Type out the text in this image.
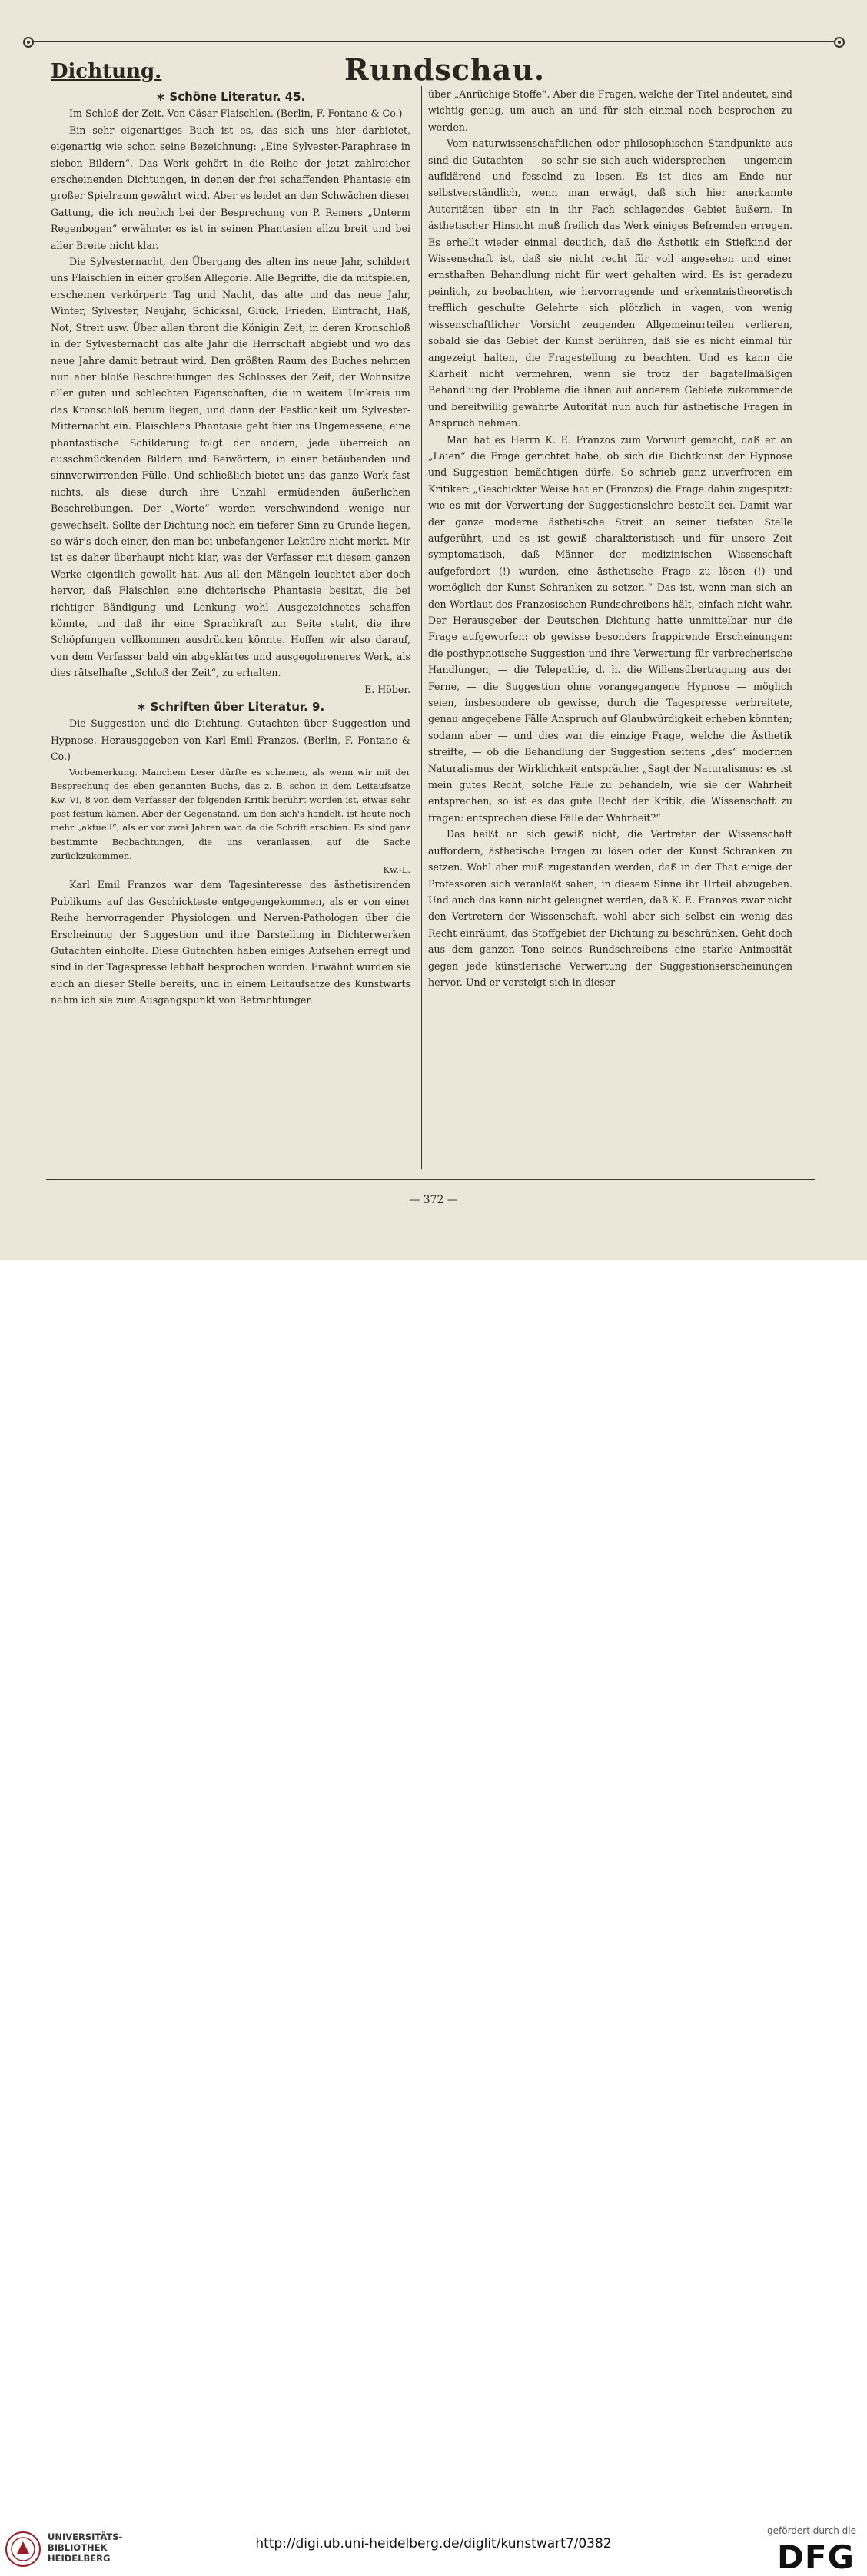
Dichtung.	Rundschau.
∗ Schöne Literatur. 45.

Im Schloß der Zeit. Von Cäsar Flaischlen. (Berlin, F. Fontane & Co.)

Ein sehr eigenartiges Buch ist es, das sich uns hier darbietet, eigenartig wie schon seine Bezeichnung: „Eine Sylvester-Paraphrase in sieben Bildern“. Das Werk gehört in die Reihe der jetzt zahlreicher erscheinenden Dichtungen, in denen der frei schaffenden Phantasie ein großer Spielraum gewährt wird. Aber es leidet an den Schwächen dieser Gattung, die ich neulich bei der Besprechung von P. Remers „Unterm Regenbogen“ erwähnte: es ist in seinen Phantasien allzu breit und bei aller Breite nicht klar.

Die Sylvesternacht, den Übergang des alten ins neue Jahr, schildert uns Flaischlen in einer großen Allegorie. Alle Begriffe, die da mitspielen, erscheinen verkörpert: Tag und Nacht, das alte und das neue Jahr, Winter, Sylvester, Neujahr, Schicksal, Glück, Frieden, Eintracht, Haß, Not, Streit usw. Über allen thront die Königin Zeit, in deren Kronschloß in der Sylvesternacht das alte Jahr die Herrschaft abgiebt und wo das neue Jahre damit betraut wird. Den größten Raum des Buches nehmen nun aber bloße Beschreibungen des Schlosses der Zeit, der Wohnsitze aller guten und schlechten Eigenschaften, die in weitem Umkreis um das Kronschloß herum liegen, und dann der Festlichkeit um Sylvester-Mitternacht ein. Flaischlens Phantasie geht hier ins Ungemessene; eine phantastische Schilderung folgt der andern, jede überreich an ausschmückenden Bildern und Beiwörtern, in einer betäubenden und sinnverwirrenden Fülle. Und schließlich bietet uns das ganze Werk fast nichts, als diese durch ihre Unzahl ermüdenden äußerlichen Beschreibungen. Der „Worte“ werden verschwindend wenige nur gewechselt. Sollte der Dichtung noch ein tieferer Sinn zu Grunde liegen, so wär's doch einer, den man bei unbefangener Lektüre nicht merkt. Mir ist es daher überhaupt nicht klar, was der Verfasser mit diesem ganzen Werke eigentlich gewollt hat. Aus all den Mängeln leuchtet aber doch hervor, daß Flaischlen eine dichterische Phantasie besitzt, die bei richtiger Bändigung und Lenkung wohl Ausgezeichnetes schaffen könnte, und daß ihr eine Sprachkraft zur Seite steht, die ihre Schöpfungen vollkommen ausdrücken könnte. Hoffen wir also darauf, von dem Verfasser bald ein abgeklärtes und ausgegohreneres Werk, als dies rätselhafte „Schloß der Zeit“, zu erhalten.

E. Höber.

∗ Schriften über Literatur. 9.

Die Suggestion und die Dichtung. Gutachten über Suggestion und Hypnose. Herausgegeben von Karl Emil Franzos. (Berlin, F. Fontane & Co.)

Vorbemerkung. Manchem Leser dürfte es scheinen, als wenn wir mit der Besprechung des eben genannten Buchs, das z. B. schon in dem Leitaufsatze Kw. VI, 8 von dem Verfasser der folgenden Kritik berührt worden ist, etwas sehr post festum kämen. Aber der Gegenstand, um den sich's handelt, ist heute noch mehr „aktuell“, als er vor zwei Jahren war, da die Schrift erschien. Es sind ganz bestimmte Beobachtungen, die uns veranlassen, auf die Sache zurückzukommen.

Kw.-L.

Karl Emil Franzos war dem Tagesinteresse des ästhetisirenden Publikums auf das Geschickteste entgegengekommen, als er von einer Reihe hervorragender Physiologen und Nerven-Pathologen über die Erscheinung der Suggestion und ihre Darstellung in Dichterwerken Gutachten einholte. Diese Gutachten haben einiges Aufsehen erregt und sind in der Tagespresse lebhaft besprochen worden. Erwähnt wurden sie auch an dieser Stelle bereits, und in einem Leitaufsatze des Kunstwarts nahm ich sie zum Ausgangspunkt von Betrachtungen

über „Anrüchige Stoffe“. Aber die Fragen, welche der Titel andeutet, sind wichtig genug, um auch an und für sich einmal noch besprochen zu werden.

Vom naturwissenschaftlichen oder philosophischen Standpunkte aus sind die Gutachten — so sehr sie sich auch widersprechen — ungemein aufklärend und fesselnd zu lesen. Es ist dies am Ende nur selbstverständlich, wenn man erwägt, daß sich hier anerkannte Autoritäten über ein in ihr Fach schlagendes Gebiet äußern. In ästhetischer Hinsicht muß freilich das Werk einiges Befremden erregen. Es erhellt wieder einmal deutlich, daß die Ästhetik ein Stiefkind der Wissenschaft ist, daß sie nicht recht für voll angesehen und einer ernsthaften Behandlung nicht für wert gehalten wird. Es ist geradezu peinlich, zu beobachten, wie hervorragende und erkenntnistheoretisch trefflich geschulte Gelehrte sich plötzlich in vagen, von wenig wissenschaftlicher Vorsicht zeugenden Allgemeinurteilen verlieren, sobald sie das Gebiet der Kunst berühren, daß sie es nicht einmal für angezeigt halten, die Fragestellung zu beachten. Und es kann die Klarheit nicht vermehren, wenn sie trotz der bagatellmäßigen Behandlung der Probleme die ihnen auf anderem Gebiete zukommende und bereitwillig gewährte Autorität nun auch für ästhetische Fragen in Anspruch nehmen.

Man hat es Herrn K. E. Franzos zum Vorwurf gemacht, daß er an „Laien“ die Frage gerichtet habe, ob sich die Dichtkunst der Hypnose und Suggestion bemächtigen dürfe. So schrieb ganz unverfroren ein Kritiker: „Geschickter Weise hat er (Franzos) die Frage dahin zugespitzt: wie es mit der Verwertung der Suggestionslehre bestellt sei. Damit war der ganze moderne ästhetische Streit an seiner tiefsten Stelle aufgerührt, und es ist gewiß charakteristisch und für unsere Zeit symptomatisch, daß Männer der medizinischen Wissenschaft aufgefordert (!) wurden, eine ästhetische Frage zu lösen (!) und womöglich der Kunst Schranken zu setzen.“ Das ist, wenn man sich an den Wortlaut des Franzosischen Rundschreibens hält, einfach nicht wahr. Der Herausgeber der Deutschen Dichtung hatte unmittelbar nur die Frage aufgeworfen: ob gewisse besonders frappirende Erscheinungen: die posthypnotische Suggestion und ihre Verwertung für verbrecherische Handlungen, — die Telepathie, d. h. die Willensübertragung aus der Ferne, — die Suggestion ohne vorangegangene Hypnose — möglich seien, insbesondere ob gewisse, durch die Tagespresse verbreitete, genau angegebene Fälle Anspruch auf Glaubwürdigkeit erheben könnten; sodann aber — und dies war die einzige Frage, welche die Ästhetik streifte, — ob die Behandlung der Suggestion seitens „des“ modernen Naturalismus der Wirklichkeit entspräche: „Sagt der Naturalismus: es ist mein gutes Recht, solche Fälle zu behandeln, wie sie der Wahrheit entsprechen, so ist es das gute Recht der Kritik, die Wissenschaft zu fragen: entsprechen diese Fälle der Wahrheit?“

Das heißt an sich gewiß nicht, die Vertreter der Wissenschaft auffordern, ästhetische Fragen zu lösen oder der Kunst Schranken zu setzen. Wohl aber muß zugestanden werden, daß in der That einige der Professoren sich veranlaßt sahen, in diesem Sinne ihr Urteil abzugeben. Und auch das kann nicht geleugnet werden, daß K. E. Franzos zwar nicht den Vertretern der Wissenschaft, wohl aber sich selbst ein wenig das Recht einräumt, das Stoffgebiet der Dichtung zu beschränken. Geht doch aus dem ganzen Tone seines Rundschreibens eine starke Animosität gegen jede künstlerische Verwertung der Suggestionserscheinungen hervor. Und er versteigt sich in dieser

— 372 —

UNIVERSITÄTS-
BIBLIOTHEK
HEIDELBERG
http://digi.ub.uni-heidelberg.de/diglit/kunstwart7/0382
gefördert durch die
DFG
